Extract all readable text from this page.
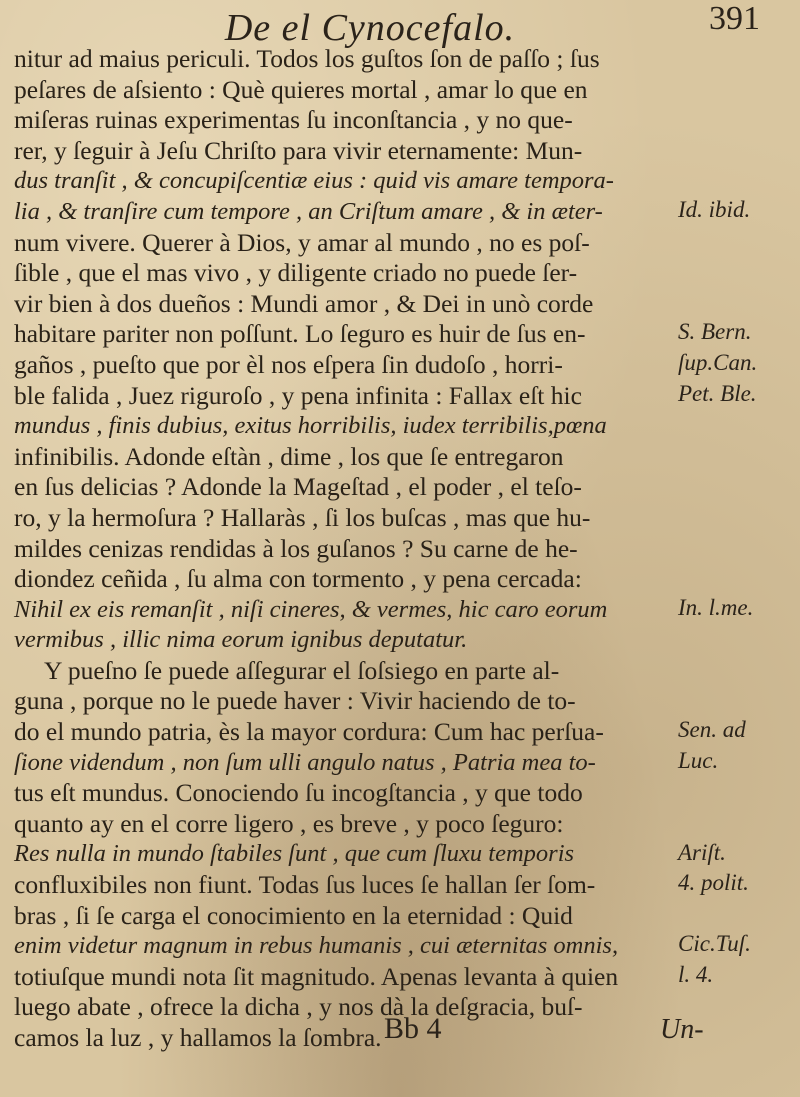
De el Cynocefalo.	391
nitur ad maius periculi. Todos los guſtos ſon de paſſo ; ſus
peſares de aſsiento : Què quieres mortal , amar lo que en
miſeras ruinas experimentas ſu inconſtancia , y no que-
rer, y ſeguir à Jeſu Chriſto para vivir eternamente: Mun-
dus tranſit , & concupiſcentiæ eius : quid vis amare tempora-
lia , & tranſire cum tempore , an Criſtum amare , & in æter-
num vivere. Querer à Dios, y amar al mundo , no es poſ-
ſible , que el mas vivo , y diligente criado no puede ſer-
vir bien à dos dueños : Mundi amor , & Dei in unò corde
habitare pariter non poſſunt. Lo ſeguro es huir de ſus en-
gaños , pueſto que por èl nos eſpera ſin dudoſo , horri-
ble falida , Juez riguroſo , y pena infinita : Fallax eſt hic
mundus , finis dubius, exitus horribilis, iudex terribilis,pœna
infinibilis. Adonde eſtàn , dime , los que ſe entregaron
en ſus delicias ? Adonde la Mageſtad , el poder , el teſo-
ro, y la hermoſura ? Hallaràs , ſi los buſcas , mas que hu-
mildes cenizas rendidas à los guſanos ? Su carne de he-
diondez ceñida , ſu alma con tormento , y pena cercada:
Nihil ex eis remanſit , niſi cineres, & vermes, hic caro eorum
vermibus , illic nima eorum ignibus deputatur.
Y pueſno ſe puede aſſegurar el ſoſsiego en parte al-
guna , porque no le puede haver : Vivir haciendo de to-
do el mundo patria, ès la mayor cordura: Cum hac perſua-
ſione videndum , non ſum ulli angulo natus , Patria mea to-
tus eſt mundus. Conociendo ſu incogſtancia , y que todo
quanto ay en el corre ligero , es breve , y poco ſeguro:
Res nulla in mundo ſtabiles ſunt , que cum ſluxu temporis
confluxibiles non fiunt. Todas ſus luces ſe hallan ſer ſom-
bras , ſi ſe carga el conocimiento en la eternidad : Quid
enim videtur magnum in rebus humanis , cui æternitas omnis,
totiuſque mundi nota ſit magnitudo. Apenas levanta à quien
luego abate , ofrece la dicha , y nos dà la deſgracia, buſ-
camos la luz , y hallamos la ſombra.
Id. ibid.
S. Bern.
ſup.Can.
Pet. Ble.
In. l.me.
Sen. ad
Luc.
Ariſt.
4. polit.
Cic.Tuſ.
l. 4.
Bb 4	Un-
